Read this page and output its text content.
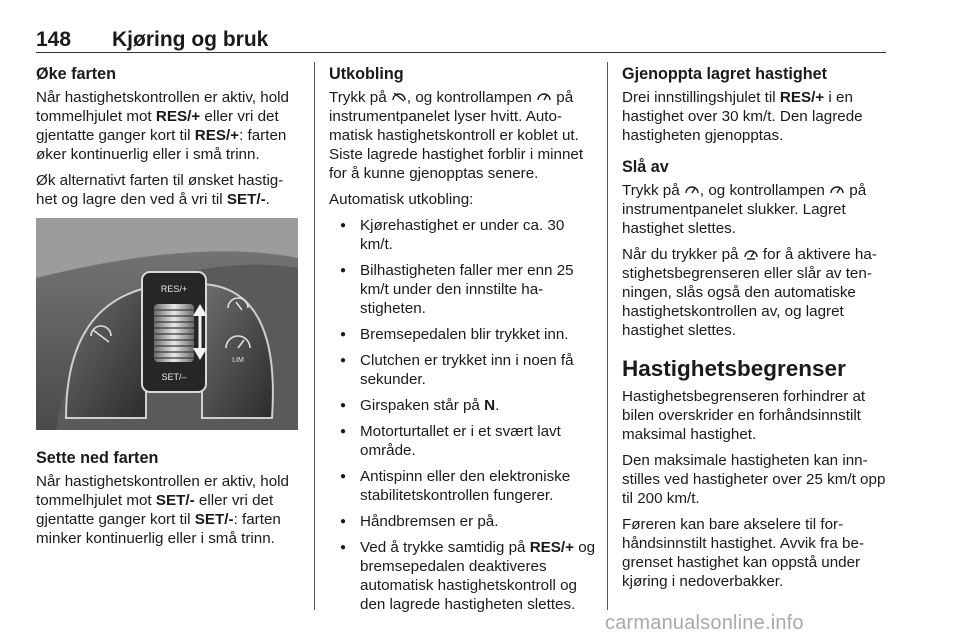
148 Kjøring og bruk
Øke farten

Når hastighetskontrollen er aktiv, hold tommelhjulet mot RES/+ eller vri det gjentatte ganger kort til RES/+: farten øker kontinuerlig eller i små trinn.

Øk alternativt farten til ønsket hastig- het og lagre den ved å vri til SET/-.

RES/+
SET/–
LIM
Sette ned farten

Når hastighetskontrollen er aktiv, hold tommelhjulet mot SET/- eller vri det gjentatte ganger kort til SET/-: farten minker kontinuerlig eller i små trinn.

Utkobling

Trykk på , og kontrollampen  på instrumentpanelet lyser hvitt. Auto- matisk hastighetskontroll er koblet ut. Siste lagrede hastighet forblir i minnet for å kunne gjenopptas senere.

Automatisk utkobling:

● Kjørehastighet er under ca. 30 km/t.
● Bilhastigheten faller mer enn 25 km/t under den innstilte ha- stigheten.
● Bremsepedalen blir trykket inn.
● Clutchen er trykket inn i noen få sekunder.
● Girspaken står på N.
● Motorturtallet er i et svært lavt område.
● Antispinn eller den elektroniske stabilitetskontrollen fungerer.
● Håndbremsen er på.
● Ved å trykke samtidig på RES/+ og bremsepedalen deaktiveres automatisk hastighetskontroll og den lagrede hastigheten slettes.
Gjenoppta lagret hastighet

Drei innstillingshjulet til RES/+ i en hastighet over 30 km/t. Den lagrede hastigheten gjenopptas.

Slå av

Trykk på , og kontrollampen  på instrumentpanelet slukker. Lagret hastighet slettes.

Når du trykker på  for å aktivere ha- stighetsbegrenseren eller slår av ten- ningen, slås også den automatiske hastighetskontrollen av, og lagret hastighet slettes.

Hastighetsbegrenser

Hastighetsbegrenseren forhindrer at bilen overskrider en forhåndsinnstilt maksimal hastighet.

Den maksimale hastigheten kan inn- stilles ved hastigheter over 25 km/t opp til 200 km/t.

Føreren kan bare akselere til for- håndsinnstilt hastighet. Avvik fra be- grenset hastighet kan oppstå under kjøring i nedoverbakker.

carmanualsonline.info
